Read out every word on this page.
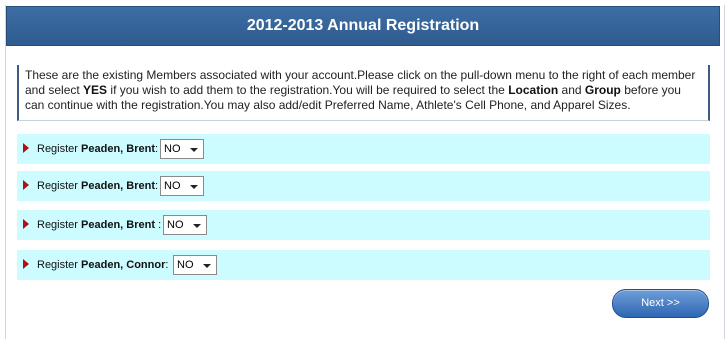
2012-2013 Annual Registration
These are the existing Members associated with your account.Please click on the pull-down menu to the right of each member and select YES if you wish to add them to the registration.You will be required to select the Location and Group before you can continue with the registration.You may also add/edit Preferred Name, Athlete's Cell Phone, and Apparel Sizes.
Register Peaden, Brent: NO
Register Peaden, Brent: NO
Register Peaden, Brent : NO
Register Peaden, Connor: NO
Next >>
